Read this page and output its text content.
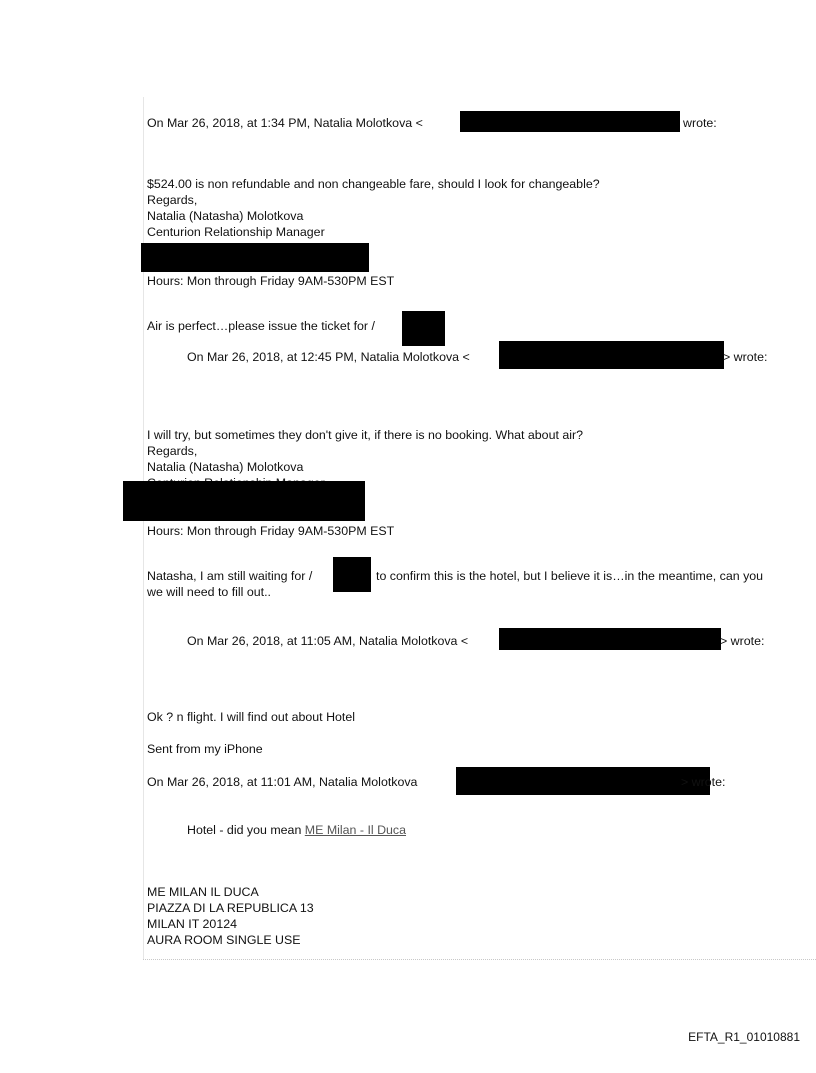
On Mar 26, 2018, at 1:34 PM, Natalia Molotkova <	wrote:
$524.00 is non refundable and non changeable fare, should I look for changeable?
Regards,
Natalia (Natasha) Molotkova
Centurion Relationship Manager
Hours: Mon through Friday 9AM-530PM EST
Air is perfect…please issue the ticket for /
On Mar 26, 2018, at 12:45 PM, Natalia Molotkova <	> wrote:
I will try, but sometimes they don't give it, if there is no booking. What about air?
Regards,
Natalia (Natasha) Molotkova
Hours: Mon through Friday 9AM-530PM EST
Natasha, I am still waiting for /	to confirm this is the hotel, but I believe it is…in the meantime, can you
we will need to fill out..
On Mar 26, 2018, at 11:05 AM, Natalia Molotkova <	> wrote:
Ok ? n flight. I will find out about Hotel
Sent from my iPhone
On Mar 26, 2018, at 11:01 AM, Natalia Molotkova	> wrote:
Hotel - did you mean ME Milan - Il Duca
ME MILAN IL DUCA
PIAZZA DI LA REPUBLICA 13
MILAN IT 20124
AURA ROOM SINGLE USE
EFTA_R1_01010881
